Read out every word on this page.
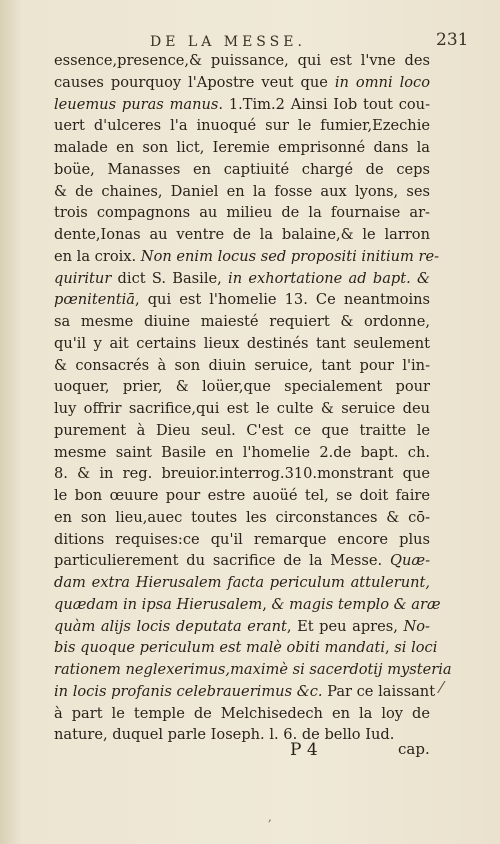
DE LA MESSE.	231
essence,presence,& puissance, qui est l'vne des
causes pourquoy l'Apostre veut que in omni loco
leuemus puras manus. 1.Tim.2 Ainsi Iob tout cou-
uert d'ulceres l'a inuoqué sur le fumier,Ezechie
malade en son lict, Ieremie emprisonné dans la
boüe, Manasses en captiuité chargé de ceps
& de chaines, Daniel en la fosse aux lyons, ses
trois compagnons au milieu de la fournaise ar-
dente,Ionas au ventre de la balaine,& le larron
en la croix. Non enim locus sed propositi initium re-
quiritur dict S. Basile, in exhortatione ad bapt. &
pœnitentiā, qui est l'homelie 13. Ce neantmoins
sa mesme diuine maiesté requiert & ordonne,
qu'il y ait certains lieux destinés tant seulement
& consacrés à son diuin seruice, tant pour l'in-
uoquer, prier, & loüer,que specialement pour
luy offrir sacrifice,qui est le culte & seruice deu
purement à Dieu seul. C'est ce que traitte le
mesme saint Basile en l'homelie 2.de bapt. ch.
8. & in reg. breuior.interrog.310.monstrant que
le bon œuure pour estre auoüé tel, se doit faire
en son lieu,auec toutes les circonstances & cō-
ditions requises:ce qu'il remarque encore plus
particulierement du sacrifice de la Messe. Quæ-
dam extra Hierusalem facta periculum attulerunt,
quædam in ipsa Hierusalem, & magis templo & aræ
quàm alijs locis deputata erant, Et peu apres, No-
bis quoque periculum est malè obiti mandati, si loci
rationem neglexerimus,maximè si sacerdotij mysteria
in locis profanis celebrauerimus &c. Par ce laissant
à part le temple de Melchisedech en la loy de
nature, duquel parle Ioseph. l. 6. de bello Iud.
⁄
P 4	cap.
,
